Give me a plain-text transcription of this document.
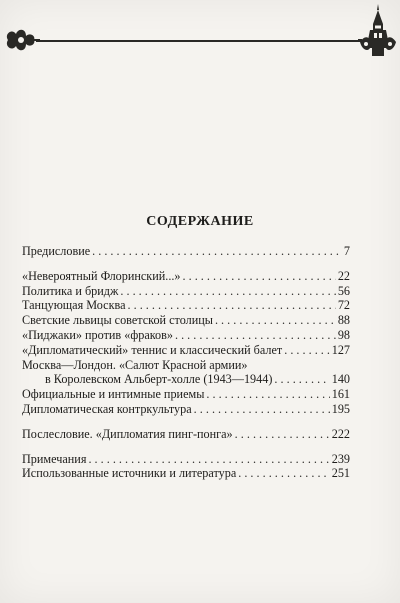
СОДЕРЖАНИЕ
Предисловие . . .	7
«Невероятный Флоринский...» . . .	22
Политика и бридж . . .	56
Танцующая Москва . . .	72
Светские львицы советской столицы . . .	88
«Пиджаки» против «фраков» . . .	98
«Дипломатический» теннис и классический балет . . .	127
Москва—Лондон. «Салют Красной армии»
в Королевском Альберт-холле (1943—1944) . . .	140
Официальные и интимные приемы . . .	161
Дипломатическая контркультура . . .	195
Послесловие. «Дипломатия пинг-понга» . . .	222
Примечания . . .	239
Использованные источники и литература . . .	251
